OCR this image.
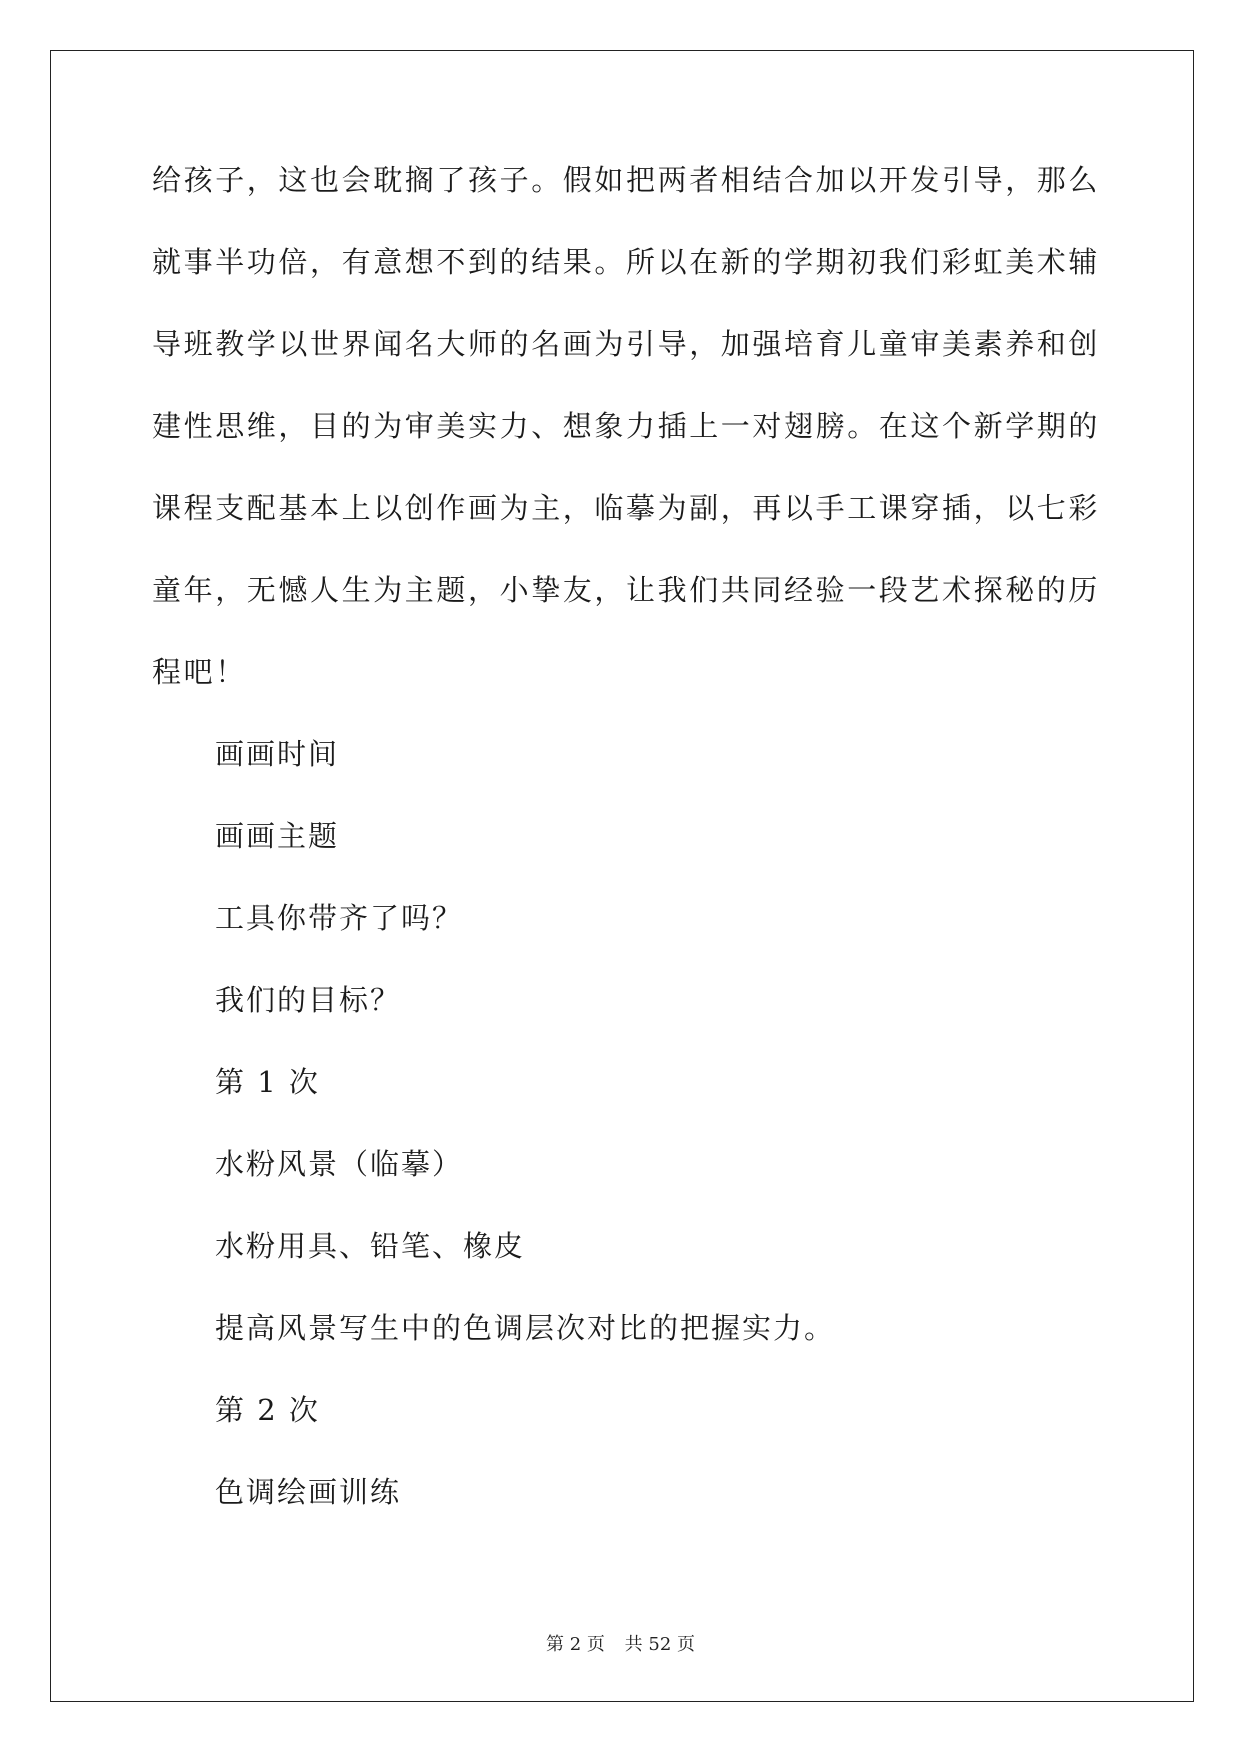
给孩子，这也会耽搁了孩子。假如把两者相结合加以开发引导，那么
就事半功倍，有意想不到的结果。所以在新的学期初我们彩虹美术辅
导班教学以世界闻名大师的名画为引导，加强培育儿童审美素养和创
建性思维，目的为审美实力、想象力插上一对翅膀。在这个新学期的
课程支配基本上以创作画为主，临摹为副，再以手工课穿插，以七彩
童年，无憾人生为主题，小挚友，让我们共同经验一段艺术探秘的历
程吧！
画画时间
画画主题
工具你带齐了吗？
我们的目标？
第 1 次
水粉风景（临摹）
水粉用具、铅笔、橡皮
提高风景写生中的色调层次对比的把握实力。
第 2 次
色调绘画训练
第 2 页 共 52 页
